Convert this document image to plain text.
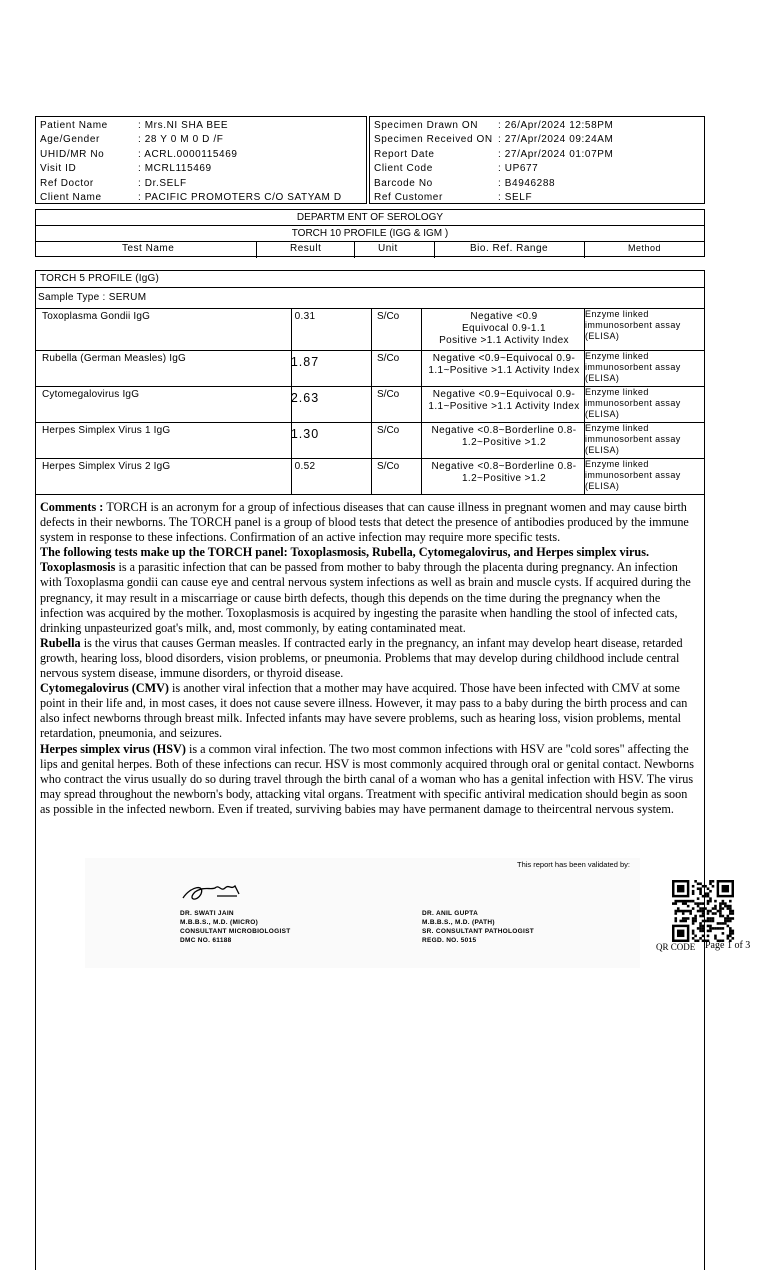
Patient Name	: Mrs.NI SHA BEE
Age/Gender	: 28 Y 0 M 0 D /F
UHID/MR No	: ACRL.0000115469
Visit ID	: MCRL115469
Ref Doctor	: Dr.SELF
Client Name	: PACIFIC PROMOTERS C/O SATYAM D
Specimen Drawn ON : 26/Apr/2024 12:58PM
Specimen Received ON : 27/Apr/2024 09:24AM
Report Date	: 27/Apr/2024 01:07PM
Client Code	: UP677
Barcode No	: B4946288
Ref Customer	: SELF
DEPARTM ENT OF SEROLOGY
TORCH 10 PROFILE (IGG & IGM )
Test Name	Result	Unit	Bio. Ref. Range	Method
TORCH 5 PROFILE (IgG)
Sample Type : SERUM
Toxoplasma Gondii IgG	0.31	S/Co	Negative <0.9
Equivocal 0.9-1.1
Positive >1.1 Activity Index
Enzyme linked
immunosorbent assay
(ELISA)
Rubella (German Measles) IgG	1.87	S/Co	Negative <0.9~Equivocal 0.9-
1.1~Positive >1.1 Activity Index
Enzyme linked
immunosorbent assay
(ELISA)
Cytomegalovirus IgG	2.63	S/Co	Negative <0.9~Equivocal 0.9-
1.1~Positive >1.1 Activity Index
Enzyme linked
immunosorbent assay
(ELISA)
Herpes Simplex Virus 1 IgG	1.30	S/Co	Negative <0.8~Borderline 0.8-
1.2~Positive >1.2
Enzyme linked
immunosorbent assay
(ELISA)
Herpes Simplex Virus 2 IgG	0.52	S/Co	Negative <0.8~Borderline 0.8-
1.2~Positive >1.2
Enzyme linked
immunosorbent assay
(ELISA)

Comments : TORCH is an acronym for a group of infectious diseases that can cause illness in pregnant women and may cause birth defects in their newborns. The TORCH panel is a group of blood tests that detect the presence of antibodies produced by the immune system in response to these infections. Confirmation of an active infection may require more specific tests.

The following tests make up the TORCH panel: Toxoplasmosis, Rubella, Cytomegalovirus, and Herpes simplex virus.

Toxoplasmosis is a parasitic infection that can be passed from mother to baby through the placenta during pregnancy. An infection with Toxoplasma gondii can cause eye and central nervous system infections as well as brain and muscle cysts. If acquired during the pregnancy, it may result in a miscarriage or cause birth defects, though this depends on the time during the pregnancy when the infection was acquired by the mother. Toxoplasmosis is acquired by ingesting the parasite when handling the stool of infected cats, drinking unpasteurized goat's milk, and, most commonly, by eating contaminated meat.

Rubella is the virus that causes German measles. If contracted early in the pregnancy, an infant may develop heart disease, retarded growth, hearing loss, blood disorders, vision problems, or pneumonia. Problems that may develop during childhood include central nervous system disease, immune disorders, or thyroid disease.

Cytomegalovirus (CMV) is another viral infection that a mother may have acquired. Those have been infected with CMV at some point in their life and, in most cases, it does not cause severe illness. However, it may pass to a baby during the birth process and can also infect newborns through breast milk. Infected infants may have severe problems, such as hearing loss, vision problems, mental retardation, pneumonia, and seizures.

Herpes simplex virus (HSV) is a common viral infection. The two most common infections with HSV are "cold sores" affecting the lips and genital herpes. Both of these infections can recur. HSV is most commonly acquired through oral or genital contact. Newborns who contract the virus usually do so during travel through the birth canal of a woman who has a genital infection with HSV. The virus may spread throughout the newborn's body, attacking vital organs. Treatment with specific antiviral medication should begin as soon as possible in the infected newborn. Even if treated, surviving babies may have permanent damage to theircentral nervous system.

This report has been validated by:
DR. SWATI JAIN
M.B.B.S., M.D. (MICRO)
CONSULTANT MICROBIOLOGIST
DMC NO. 61188
DR. ANIL GUPTA
M.B.B.S., M.D. (PATH)
SR. CONSULTANT PATHOLOGIST
REGD. NO. 5015
QR CODE Page 1 of 3
